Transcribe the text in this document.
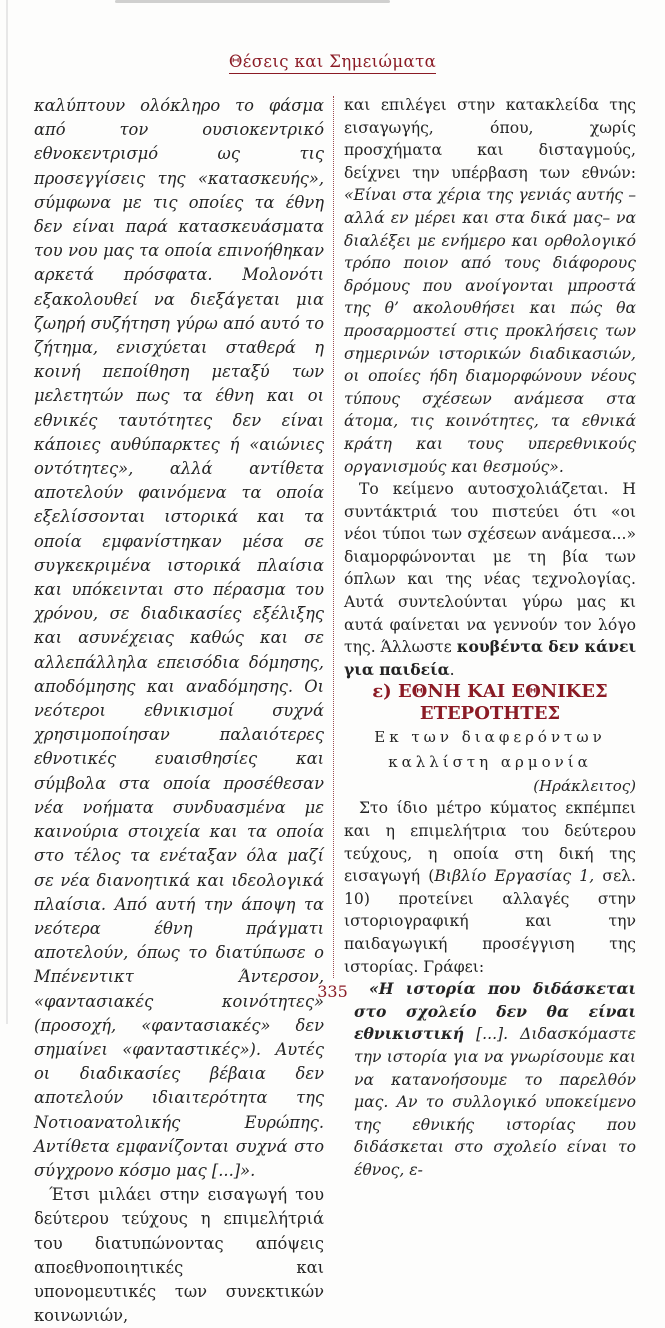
Θέσεις και Σημειώματα

καλύπτουν ολόκληρο το φάσμα από τον ουσιοκεντρικό εθνοκεντρισμό ως τις προσεγγίσεις της «κατασκευής», σύμφωνα με τις οποίες τα έθνη δεν είναι παρά κατασκευάσματα του νου μας τα οποία επινοήθηκαν αρκετά πρόσφατα. Μολονότι εξακολουθεί να διεξάγεται μια ζωηρή συζήτηση γύρω από αυτό το ζήτημα, ενισχύεται σταθερά η κοινή πεποίθηση μεταξύ των μελετητών πως τα έθνη και οι εθνικές ταυτότητες δεν είναι κάποιες αυθύπαρκτες ή «αιώνιες οντότητες», αλλά αντίθετα αποτελούν φαινόμενα τα οποία εξελίσσονται ιστορικά και τα οποία εμφανίστηκαν μέσα σε συγκεκριμένα ιστορικά πλαίσια και υπόκεινται στο πέρασμα του χρόνου, σε διαδικασίες εξέλιξης και ασυνέχειας καθώς και σε αλλεπάλληλα επεισόδια δόμησης, αποδόμησης και αναδόμησης. Οι νεότεροι εθνικισμοί συχνά χρησιμοποίησαν παλαιότερες εθνοτικές ευαισθησίες και σύμβολα στα οποία προσέθεσαν νέα νοήματα συνδυασμένα με καινούρια στοιχεία και τα οποία στο τέλος τα ενέταξαν όλα μαζί σε νέα διανοητικά και ιδεολογικά πλαίσια. Από αυτή την άποψη τα νεότερα έθνη πράγματι αποτελούν, όπως το διατύπωσε ο Μπένεντικτ Άντερσον, «φαντασιακές κοινότητες» (προσοχή, «φαντασιακές» δεν σημαίνει «φανταστικές»). Αυτές οι διαδικασίες βέβαια δεν αποτελούν ιδιαιτερότητα της Νοτιοανατολικής Ευρώπης. Αντίθετα εμφανίζονται συχνά στο σύγχρονο κόσμο μας [...]».

Έτσι μιλάει στην εισαγωγή του δεύτερου τεύχους η επιμελήτριά του διατυπώνοντας απόψεις αποεθνοποιητικές και υπονομευτικές των συνεκτικών κοινωνιών,

και επιλέγει στην κατακλείδα της εισαγωγής, όπου, χωρίς προσχήματα και δισταγμούς, δείχνει την υπέρβαση των εθνών: «Είναι στα χέρια της γενιάς αυτής –αλλά εν μέρει και στα δικά μας– να διαλέξει με ενήμερο και ορθολογικό τρόπο ποιον από τους διάφορους δρόμους που ανοίγονται μπροστά της θ’ ακολουθήσει και πώς θα προσαρμοστεί στις προκλήσεις των σημερινών ιστορικών διαδικασιών, οι οποίες ήδη διαμορφώνουν νέους τύπους σχέσεων ανάμεσα στα άτομα, τις κοινότητες, τα εθνικά κράτη και τους υπερεθνικούς οργανισμούς και θεσμούς».

Το κείμενο αυτοσχολιάζεται. Η συντάκτριά του πιστεύει ότι «οι νέοι τύποι των σχέσεων ανάμεσα...» διαμορφώνονται με τη βία των όπλων και της νέας τεχνολογίας. Αυτά συντελούνται γύρω μας κι αυτά φαίνεται να γεννούν τον λόγο της. Άλλωστε κουβέντα δεν κάνει για παιδεία.

ε) ΕΘΝΗ ΚΑΙ ΕΘΝΙΚΕΣ ΕΤΕΡΟΤΗΤΕΣ

Εκ των διαφερόντων καλλίστη αρμονία

(Ηράκλειτος)

Στο ίδιο μέτρο κύματος εκπέμπει και η επιμελήτρια του δεύτερου τεύχους, η οποία στη δική της εισαγωγή (Βιβλίο Εργασίας 1, σελ. 10) προτείνει αλλαγές στην ιστοριογραφική και την παιδαγωγική προσέγγιση της ιστορίας. Γράφει:

«Η ιστορία που διδάσκεται στο σχολείο δεν θα είναι εθνικιστική [...]. Διδασκόμαστε την ιστορία για να γνωρίσουμε και να κατανοήσουμε το παρελθόν μας. Αν το συλλογικό υποκείμενο της εθνικής ιστορίας που διδάσκεται στο σχολείο είναι το έθνος, ε-

335
